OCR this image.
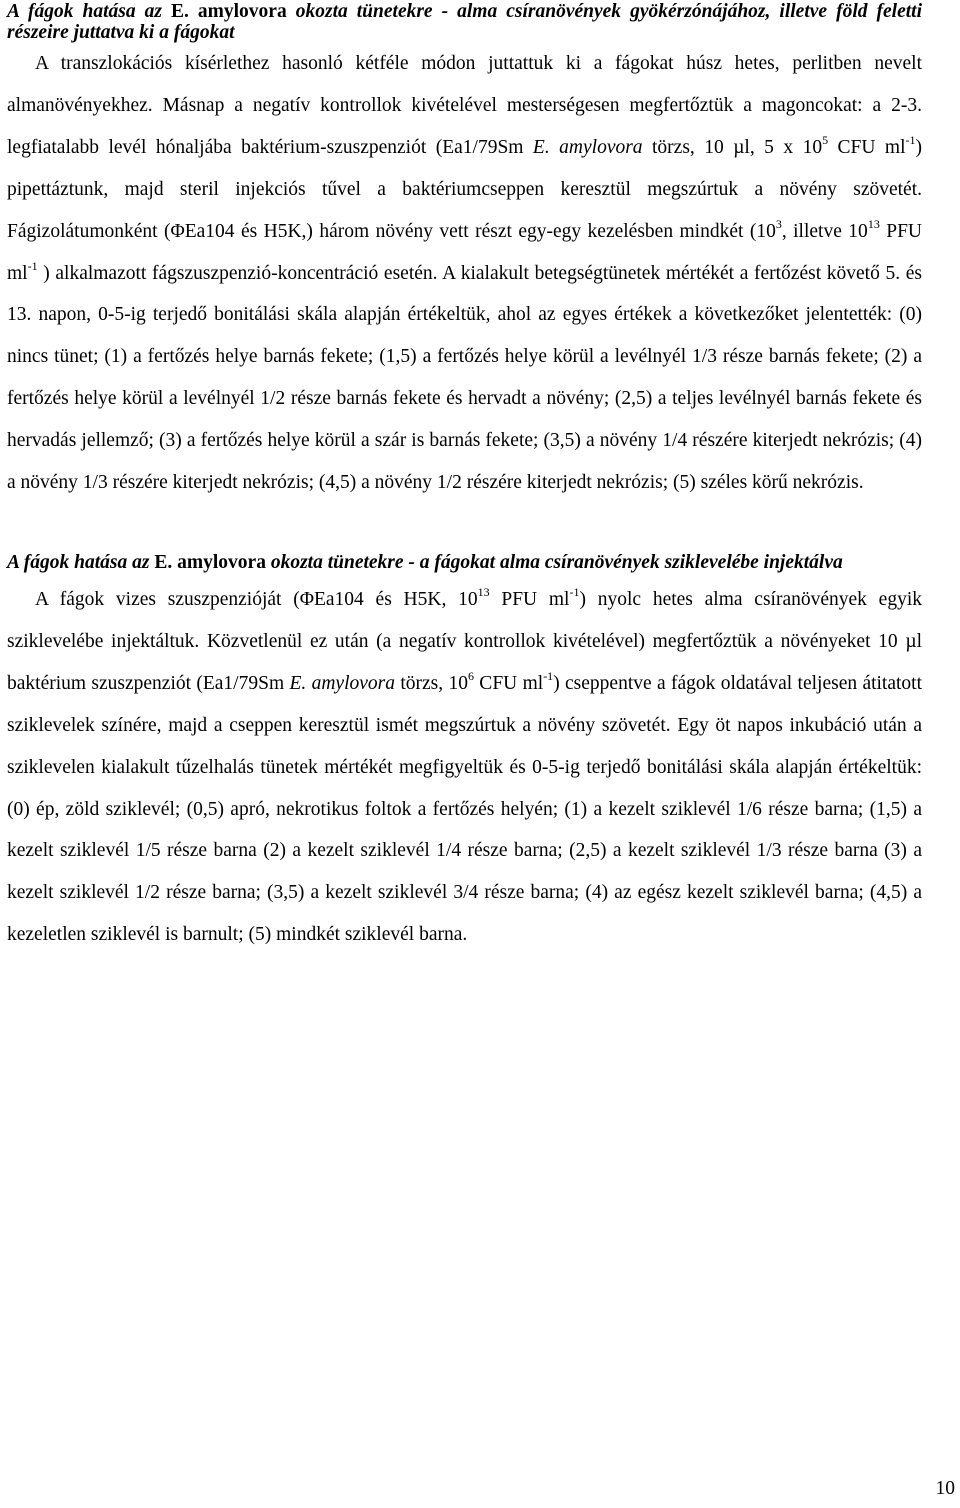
A fágok hatása az E. amylovora okozta tünetekre - alma csíranövények gyökérzónájához, illetve föld feletti részeire juttatva ki a fágokat

A transzlokációs kísérlethez hasonló kétféle módon juttattuk ki a fágokat húsz hetes, perlitben nevelt almanövényekhez. Másnap a negatív kontrollok kivételével mesterségesen megfertőztük a magoncokat: a 2-3. legfiatalabb levél hónaljába baktérium-szuszpenziót (Ea1/79Sm E. amylovora törzs, 10 µl, 5 x $10^5$ CFU $ml^{-1}$) pipettáztunk, majd steril injekciós tűvel a baktériumcseppen keresztül megszúrtuk a növény szövetét. Fágizolátumonként (ΦEa104 és H5K,) három növény vett részt egy-egy kezelésben mindkét ($10^3$, illetve $10^{13}$ PFU $ml^{-1}$ ) alkalmazott fágszuszpenzió-koncentráció esetén. A kialakult betegségtünetek mértékét a fertőzést követő 5. és 13. napon, 0-5-ig terjedő bonitálási skála alapján értékeltük, ahol az egyes értékek a következőket jelentették: (0) nincs tünet; (1) a fertőzés helye barnás fekete; (1,5) a fertőzés helye körül a levélnyél 1/3 része barnás fekete; (2) a fertőzés helye körül a levélnyél 1/2 része barnás fekete és hervadt a növény; (2,5) a teljes levélnyél barnás fekete és hervadás jellemző; (3) a fertőzés helye körül a szár is barnás fekete; (3,5) a növény 1/4 részére kiterjedt nekrózis; (4) a növény 1/3 részére kiterjedt nekrózis; (4,5) a növény 1/2 részére kiterjedt nekrózis; (5) széles körű nekrózis.

A fágok hatása az E. amylovora okozta tünetekre - a fágokat alma csíranövények sziklevelébe injektálva

A fágok vizes szuszpenzióját (ΦEa104 és H5K, $10^{13}$ PFU $ml^{-1}$) nyolc hetes alma csíranövények egyik sziklevelébe injektáltuk. Közvetlenül ez után (a negatív kontrollok kivételével) megfertőztük a növényeket 10 µl baktérium szuszpenziót (Ea1/79Sm E. amylovora törzs, $10^6$ CFU $ml^{-1}$) cseppentve a fágok oldatával teljesen átitatott sziklevelek színére, majd a cseppen keresztül ismét megszúrtuk a növény szövetét. Egy öt napos inkubáció után a sziklevelen kialakult tűzelhalás tünetek mértékét megfigyeltük és 0-5-ig terjedő bonitálási skála alapján értékeltük: (0) ép, zöld sziklevél; (0,5) apró, nekrotikus foltok a fertőzés helyén; (1) a kezelt sziklevél 1/6 része barna; (1,5) a kezelt sziklevél 1/5 része barna (2) a kezelt sziklevél 1/4 része barna; (2,5) a kezelt sziklevél 1/3 része barna (3) a kezelt sziklevél 1/2 része barna; (3,5) a kezelt sziklevél 3/4 része barna; (4) az egész kezelt sziklevél barna; (4,5) a kezeletlen sziklevél is barnult; (5) mindkét sziklevél barna.

10
